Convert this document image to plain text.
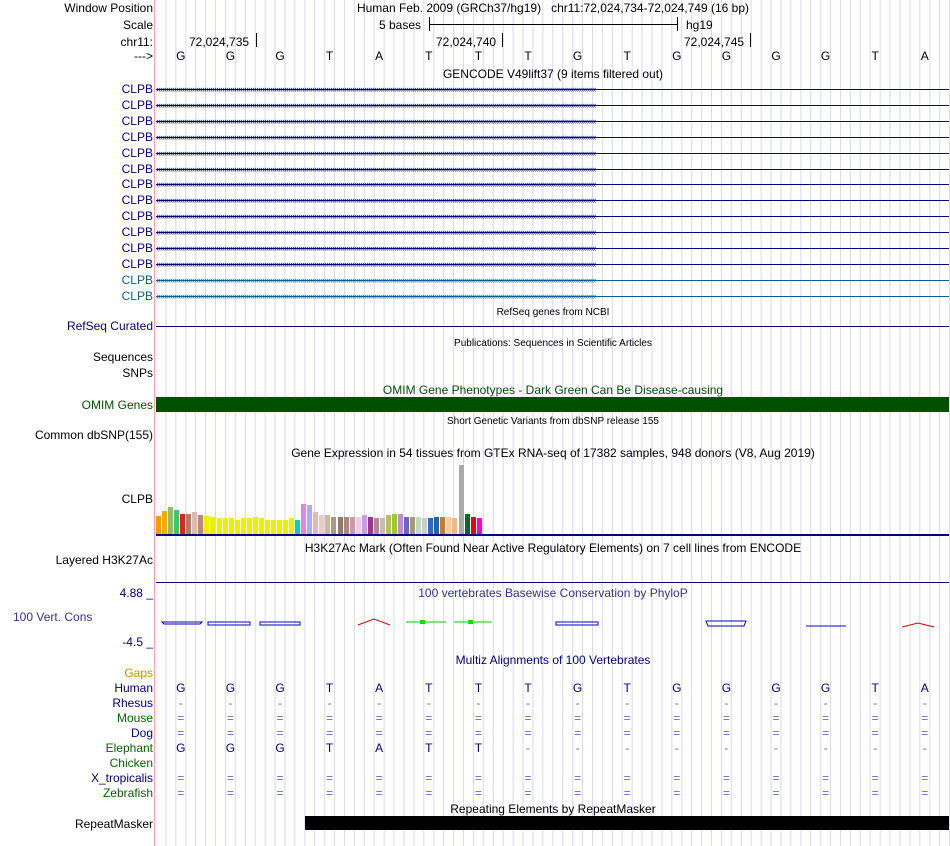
Window Position	Human Feb. 2009 (GRCh37/hg19)   chr11:72,024,734-72,024,749 (16 bp)
Scale	5 bases	hg19
chr11:	72,024,735	72,024,740	72,024,745
--->	G	G	G	T	A	T	T	T	G	T	G	G	G	G	T	A
GENCODE V49lift37 (9 items filtered out)
CLPB ‹‹‹‹‹‹‹‹‹‹‹‹‹‹‹‹‹‹‹‹‹‹‹‹‹‹‹‹‹‹‹‹‹‹‹‹‹‹‹‹‹‹‹‹‹‹‹‹‹‹‹‹‹‹‹‹‹‹‹‹‹‹‹‹‹‹‹‹‹‹‹‹‹‹‹‹‹‹‹‹‹‹‹‹‹‹‹‹‹‹‹‹‹‹‹‹‹‹‹‹‹‹‹‹‹‹‹‹‹‹‹‹‹‹‹‹‹‹‹‹‹‹‹‹‹‹‹‹‹‹‹‹‹‹‹‹‹‹‹‹‹‹‹‹‹‹‹‹‹‹‹‹‹‹‹‹‹‹‹‹‹‹‹‹‹‹‹‹‹‹‹‹‹‹‹‹‹‹‹‹‹‹‹‹‹‹‹‹‹‹‹‹‹‹‹‹‹‹‹‹‹‹‹‹‹‹‹‹‹‹‹‹‹‹‹‹‹‹‹‹
CLPB ‹‹‹‹‹‹‹‹‹‹‹‹‹‹‹‹‹‹‹‹‹‹‹‹‹‹‹‹‹‹‹‹‹‹‹‹‹‹‹‹‹‹‹‹‹‹‹‹‹‹‹‹‹‹‹‹‹‹‹‹‹‹‹‹‹‹‹‹‹‹‹‹‹‹‹‹‹‹‹‹‹‹‹‹‹‹‹‹‹‹‹‹‹‹‹‹‹‹‹‹‹‹‹‹‹‹‹‹‹‹‹‹‹‹‹‹‹‹‹‹‹‹‹‹‹‹‹‹‹‹‹‹‹‹‹‹‹‹‹‹‹‹‹‹‹‹‹‹‹‹‹‹‹‹‹‹‹‹‹‹‹‹‹‹‹‹‹‹‹‹‹‹‹‹‹‹‹‹‹‹‹‹‹‹‹‹‹‹‹‹‹‹‹‹‹‹‹‹‹‹‹‹‹‹‹‹‹‹‹‹‹‹‹‹‹‹‹‹‹‹
CLPB ‹‹‹‹‹‹‹‹‹‹‹‹‹‹‹‹‹‹‹‹‹‹‹‹‹‹‹‹‹‹‹‹‹‹‹‹‹‹‹‹‹‹‹‹‹‹‹‹‹‹‹‹‹‹‹‹‹‹‹‹‹‹‹‹‹‹‹‹‹‹‹‹‹‹‹‹‹‹‹‹‹‹‹‹‹‹‹‹‹‹‹‹‹‹‹‹‹‹‹‹‹‹‹‹‹‹‹‹‹‹‹‹‹‹‹‹‹‹‹‹‹‹‹‹‹‹‹‹‹‹‹‹‹‹‹‹‹‹‹‹‹‹‹‹‹‹‹‹‹‹‹‹‹‹‹‹‹‹‹‹‹‹‹‹‹‹‹‹‹‹‹‹‹‹‹‹‹‹‹‹‹‹‹‹‹‹‹‹‹‹‹‹‹‹‹‹‹‹‹‹‹‹‹‹‹‹‹‹‹‹‹‹‹‹‹‹‹‹‹‹
CLPB ‹‹‹‹‹‹‹‹‹‹‹‹‹‹‹‹‹‹‹‹‹‹‹‹‹‹‹‹‹‹‹‹‹‹‹‹‹‹‹‹‹‹‹‹‹‹‹‹‹‹‹‹‹‹‹‹‹‹‹‹‹‹‹‹‹‹‹‹‹‹‹‹‹‹‹‹‹‹‹‹‹‹‹‹‹‹‹‹‹‹‹‹‹‹‹‹‹‹‹‹‹‹‹‹‹‹‹‹‹‹‹‹‹‹‹‹‹‹‹‹‹‹‹‹‹‹‹‹‹‹‹‹‹‹‹‹‹‹‹‹‹‹‹‹‹‹‹‹‹‹‹‹‹‹‹‹‹‹‹‹‹‹‹‹‹‹‹‹‹‹‹‹‹‹‹‹‹‹‹‹‹‹‹‹‹‹‹‹‹‹‹‹‹‹‹‹‹‹‹‹‹‹‹‹‹‹‹‹‹‹‹‹‹‹‹‹‹‹‹‹
CLPB ‹‹‹‹‹‹‹‹‹‹‹‹‹‹‹‹‹‹‹‹‹‹‹‹‹‹‹‹‹‹‹‹‹‹‹‹‹‹‹‹‹‹‹‹‹‹‹‹‹‹‹‹‹‹‹‹‹‹‹‹‹‹‹‹‹‹‹‹‹‹‹‹‹‹‹‹‹‹‹‹‹‹‹‹‹‹‹‹‹‹‹‹‹‹‹‹‹‹‹‹‹‹‹‹‹‹‹‹‹‹‹‹‹‹‹‹‹‹‹‹‹‹‹‹‹‹‹‹‹‹‹‹‹‹‹‹‹‹‹‹‹‹‹‹‹‹‹‹‹‹‹‹‹‹‹‹‹‹‹‹‹‹‹‹‹‹‹‹‹‹‹‹‹‹‹‹‹‹‹‹‹‹‹‹‹‹‹‹‹‹‹‹‹‹‹‹‹‹‹‹‹‹‹‹‹‹‹‹‹‹‹‹‹‹‹‹‹‹‹‹
CLPB ‹‹‹‹‹‹‹‹‹‹‹‹‹‹‹‹‹‹‹‹‹‹‹‹‹‹‹‹‹‹‹‹‹‹‹‹‹‹‹‹‹‹‹‹‹‹‹‹‹‹‹‹‹‹‹‹‹‹‹‹‹‹‹‹‹‹‹‹‹‹‹‹‹‹‹‹‹‹‹‹‹‹‹‹‹‹‹‹‹‹‹‹‹‹‹‹‹‹‹‹‹‹‹‹‹‹‹‹‹‹‹‹‹‹‹‹‹‹‹‹‹‹‹‹‹‹‹‹‹‹‹‹‹‹‹‹‹‹‹‹‹‹‹‹‹‹‹‹‹‹‹‹‹‹‹‹‹‹‹‹‹‹‹‹‹‹‹‹‹‹‹‹‹‹‹‹‹‹‹‹‹‹‹‹‹‹‹‹‹‹‹‹‹‹‹‹‹‹‹‹‹‹‹‹‹‹‹‹‹‹‹‹‹‹‹‹‹‹‹‹
CLPB ‹‹‹‹‹‹‹‹‹‹‹‹‹‹‹‹‹‹‹‹‹‹‹‹‹‹‹‹‹‹‹‹‹‹‹‹‹‹‹‹‹‹‹‹‹‹‹‹‹‹‹‹‹‹‹‹‹‹‹‹‹‹‹‹‹‹‹‹‹‹‹‹‹‹‹‹‹‹‹‹‹‹‹‹‹‹‹‹‹‹‹‹‹‹‹‹‹‹‹‹‹‹‹‹‹‹‹‹‹‹‹‹‹‹‹‹‹‹‹‹‹‹‹‹‹‹‹‹‹‹‹‹‹‹‹‹‹‹‹‹‹‹‹‹‹‹‹‹‹‹‹‹‹‹‹‹‹‹‹‹‹‹‹‹‹‹‹‹‹‹‹‹‹‹‹‹‹‹‹‹‹‹‹‹‹‹‹‹‹‹‹‹‹‹‹‹‹‹‹‹‹‹‹‹‹‹‹‹‹‹‹‹‹‹‹‹‹‹‹‹
CLPB ‹‹‹‹‹‹‹‹‹‹‹‹‹‹‹‹‹‹‹‹‹‹‹‹‹‹‹‹‹‹‹‹‹‹‹‹‹‹‹‹‹‹‹‹‹‹‹‹‹‹‹‹‹‹‹‹‹‹‹‹‹‹‹‹‹‹‹‹‹‹‹‹‹‹‹‹‹‹‹‹‹‹‹‹‹‹‹‹‹‹‹‹‹‹‹‹‹‹‹‹‹‹‹‹‹‹‹‹‹‹‹‹‹‹‹‹‹‹‹‹‹‹‹‹‹‹‹‹‹‹‹‹‹‹‹‹‹‹‹‹‹‹‹‹‹‹‹‹‹‹‹‹‹‹‹‹‹‹‹‹‹‹‹‹‹‹‹‹‹‹‹‹‹‹‹‹‹‹‹‹‹‹‹‹‹‹‹‹‹‹‹‹‹‹‹‹‹‹‹‹‹‹‹‹‹‹‹‹‹‹‹‹‹‹‹‹‹‹‹‹
CLPB ‹‹‹‹‹‹‹‹‹‹‹‹‹‹‹‹‹‹‹‹‹‹‹‹‹‹‹‹‹‹‹‹‹‹‹‹‹‹‹‹‹‹‹‹‹‹‹‹‹‹‹‹‹‹‹‹‹‹‹‹‹‹‹‹‹‹‹‹‹‹‹‹‹‹‹‹‹‹‹‹‹‹‹‹‹‹‹‹‹‹‹‹‹‹‹‹‹‹‹‹‹‹‹‹‹‹‹‹‹‹‹‹‹‹‹‹‹‹‹‹‹‹‹‹‹‹‹‹‹‹‹‹‹‹‹‹‹‹‹‹‹‹‹‹‹‹‹‹‹‹‹‹‹‹‹‹‹‹‹‹‹‹‹‹‹‹‹‹‹‹‹‹‹‹‹‹‹‹‹‹‹‹‹‹‹‹‹‹‹‹‹‹‹‹‹‹‹‹‹‹‹‹‹‹‹‹‹‹‹‹‹‹‹‹‹‹‹‹‹‹
CLPB ‹‹‹‹‹‹‹‹‹‹‹‹‹‹‹‹‹‹‹‹‹‹‹‹‹‹‹‹‹‹‹‹‹‹‹‹‹‹‹‹‹‹‹‹‹‹‹‹‹‹‹‹‹‹‹‹‹‹‹‹‹‹‹‹‹‹‹‹‹‹‹‹‹‹‹‹‹‹‹‹‹‹‹‹‹‹‹‹‹‹‹‹‹‹‹‹‹‹‹‹‹‹‹‹‹‹‹‹‹‹‹‹‹‹‹‹‹‹‹‹‹‹‹‹‹‹‹‹‹‹‹‹‹‹‹‹‹‹‹‹‹‹‹‹‹‹‹‹‹‹‹‹‹‹‹‹‹‹‹‹‹‹‹‹‹‹‹‹‹‹‹‹‹‹‹‹‹‹‹‹‹‹‹‹‹‹‹‹‹‹‹‹‹‹‹‹‹‹‹‹‹‹‹‹‹‹‹‹‹‹‹‹‹‹‹‹‹‹‹‹
CLPB ‹‹‹‹‹‹‹‹‹‹‹‹‹‹‹‹‹‹‹‹‹‹‹‹‹‹‹‹‹‹‹‹‹‹‹‹‹‹‹‹‹‹‹‹‹‹‹‹‹‹‹‹‹‹‹‹‹‹‹‹‹‹‹‹‹‹‹‹‹‹‹‹‹‹‹‹‹‹‹‹‹‹‹‹‹‹‹‹‹‹‹‹‹‹‹‹‹‹‹‹‹‹‹‹‹‹‹‹‹‹‹‹‹‹‹‹‹‹‹‹‹‹‹‹‹‹‹‹‹‹‹‹‹‹‹‹‹‹‹‹‹‹‹‹‹‹‹‹‹‹‹‹‹‹‹‹‹‹‹‹‹‹‹‹‹‹‹‹‹‹‹‹‹‹‹‹‹‹‹‹‹‹‹‹‹‹‹‹‹‹‹‹‹‹‹‹‹‹‹‹‹‹‹‹‹‹‹‹‹‹‹‹‹‹‹‹‹‹‹‹
CLPB ‹‹‹‹‹‹‹‹‹‹‹‹‹‹‹‹‹‹‹‹‹‹‹‹‹‹‹‹‹‹‹‹‹‹‹‹‹‹‹‹‹‹‹‹‹‹‹‹‹‹‹‹‹‹‹‹‹‹‹‹‹‹‹‹‹‹‹‹‹‹‹‹‹‹‹‹‹‹‹‹‹‹‹‹‹‹‹‹‹‹‹‹‹‹‹‹‹‹‹‹‹‹‹‹‹‹‹‹‹‹‹‹‹‹‹‹‹‹‹‹‹‹‹‹‹‹‹‹‹‹‹‹‹‹‹‹‹‹‹‹‹‹‹‹‹‹‹‹‹‹‹‹‹‹‹‹‹‹‹‹‹‹‹‹‹‹‹‹‹‹‹‹‹‹‹‹‹‹‹‹‹‹‹‹‹‹‹‹‹‹‹‹‹‹‹‹‹‹‹‹‹‹‹‹‹‹‹‹‹‹‹‹‹‹‹‹‹‹‹‹
CLPB ‹‹‹‹‹‹‹‹‹‹‹‹‹‹‹‹‹‹‹‹‹‹‹‹‹‹‹‹‹‹‹‹‹‹‹‹‹‹‹‹‹‹‹‹‹‹‹‹‹‹‹‹‹‹‹‹‹‹‹‹‹‹‹‹‹‹‹‹‹‹‹‹‹‹‹‹‹‹‹‹‹‹‹‹‹‹‹‹‹‹‹‹‹‹‹‹‹‹‹‹‹‹‹‹‹‹‹‹‹‹‹‹‹‹‹‹‹‹‹‹‹‹‹‹‹‹‹‹‹‹‹‹‹‹‹‹‹‹‹‹‹‹‹‹‹‹‹‹‹‹‹‹‹‹‹‹‹‹‹‹‹‹‹‹‹‹‹‹‹‹‹‹‹‹‹‹‹‹‹‹‹‹‹‹‹‹‹‹‹‹‹‹‹‹‹‹‹‹‹‹‹‹‹‹‹‹‹‹‹‹‹‹‹‹‹‹‹‹‹‹
CLPB ‹‹‹‹‹‹‹‹‹‹‹‹‹‹‹‹‹‹‹‹‹‹‹‹‹‹‹‹‹‹‹‹‹‹‹‹‹‹‹‹‹‹‹‹‹‹‹‹‹‹‹‹‹‹‹‹‹‹‹‹‹‹‹‹‹‹‹‹‹‹‹‹‹‹‹‹‹‹‹‹‹‹‹‹‹‹‹‹‹‹‹‹‹‹‹‹‹‹‹‹‹‹‹‹‹‹‹‹‹‹‹‹‹‹‹‹‹‹‹‹‹‹‹‹‹‹‹‹‹‹‹‹‹‹‹‹‹‹‹‹‹‹‹‹‹‹‹‹‹‹‹‹‹‹‹‹‹‹‹‹‹‹‹‹‹‹‹‹‹‹‹‹‹‹‹‹‹‹‹‹‹‹‹‹‹‹‹‹‹‹‹‹‹‹‹‹‹‹‹‹‹‹‹‹‹‹‹‹‹‹‹‹‹‹‹‹‹‹‹‹
RefSeq genes from NCBI
RefSeq Curated
Publications: Sequences in Scientific Articles
Sequences
SNPs
OMIM Gene Phenotypes - Dark Green Can Be Disease-causing
OMIM Genes
Short Genetic Variants from dbSNP release 155
Common dbSNP(155)
Gene Expression in 54 tissues from GTEx RNA-seq of 17382 samples, 948 donors (V8, Aug 2019)
CLPB
H3K27Ac Mark (Often Found Near Active Regulatory Elements) on 7 cell lines from ENCODE
Layered H3K27Ac
100 vertebrates Basewise Conservation by PhyloP
4.88 _
100 Vert. Cons
-4.5 _
Multiz Alignments of 100 Vertebrates
Gaps
Human	G	G	G	T	A	T	T	T	G	T	G	G	G	G	T	A
Rhesus	-	-	-	-	-	-	-	-	-	-	-	-	-	-	-	-
Mouse	=	=	=	=	=	=	=	=	=	=	=	=	=	=	=	=
Dog	=	=	=	=	=	=	=	=	=	=	=	=	=	=	=	=
Elephant	G	G	G	T	A	T	T	-	-	-	-	-	-	-	-	-
Chicken
X_tropicalis	=	=	=	=	=	=	=	=	=	=	=	=	=	=	=	=
Zebrafish	=	=	=	=	=	=	=	=	=	=	=	=	=	=	=	=
Repeating Elements by RepeatMasker
RepeatMasker
